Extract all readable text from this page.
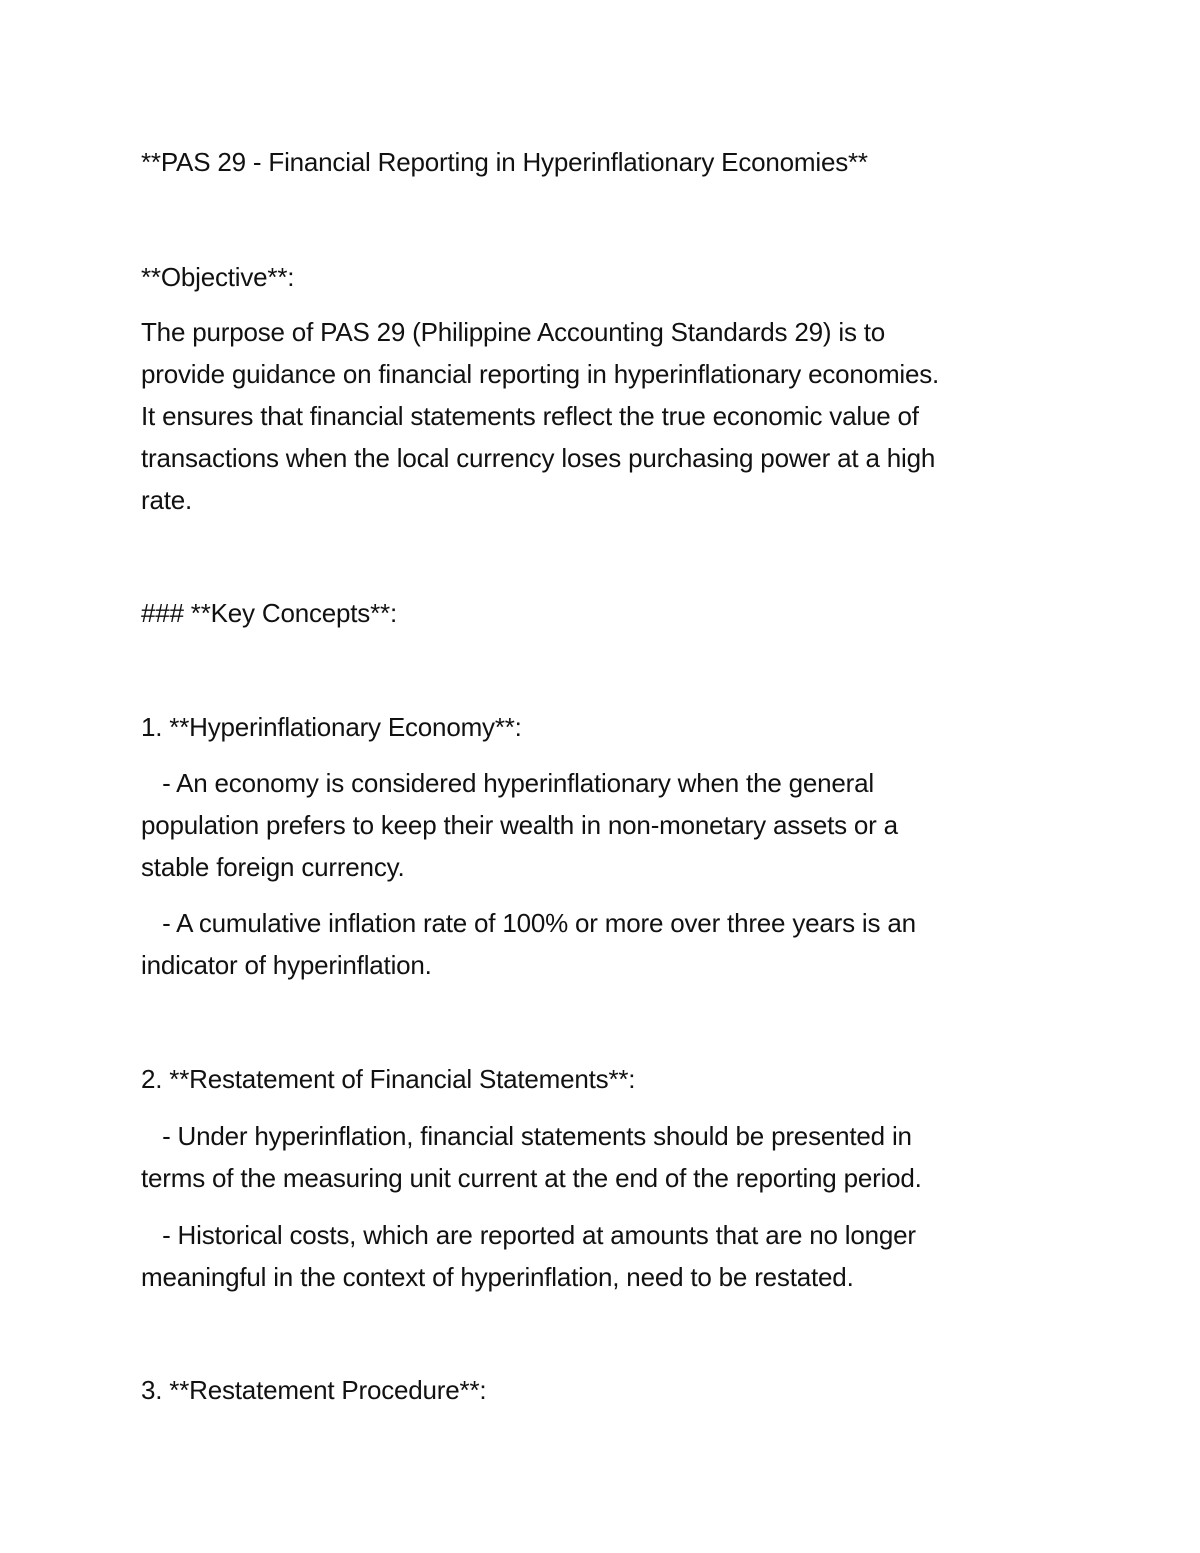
**PAS 29 - Financial Reporting in Hyperinflationary Economies**

**Objective**:

The purpose of PAS 29 (Philippine Accounting Standards 29) is to

provide guidance on financial reporting in hyperinflationary economies.

It ensures that financial statements reflect the true economic value of

transactions when the local currency loses purchasing power at a high

rate.

### **Key Concepts**:

1. **Hyperinflationary Economy**:

- An economy is considered hyperinflationary when the general

population prefers to keep their wealth in non-monetary assets or a

stable foreign currency.

- A cumulative inflation rate of 100% or more over three years is an

indicator of hyperinflation.

2. **Restatement of Financial Statements**:

- Under hyperinflation, financial statements should be presented in

terms of the measuring unit current at the end of the reporting period.

- Historical costs, which are reported at amounts that are no longer

meaningful in the context of hyperinflation, need to be restated.

3. **Restatement Procedure**:
